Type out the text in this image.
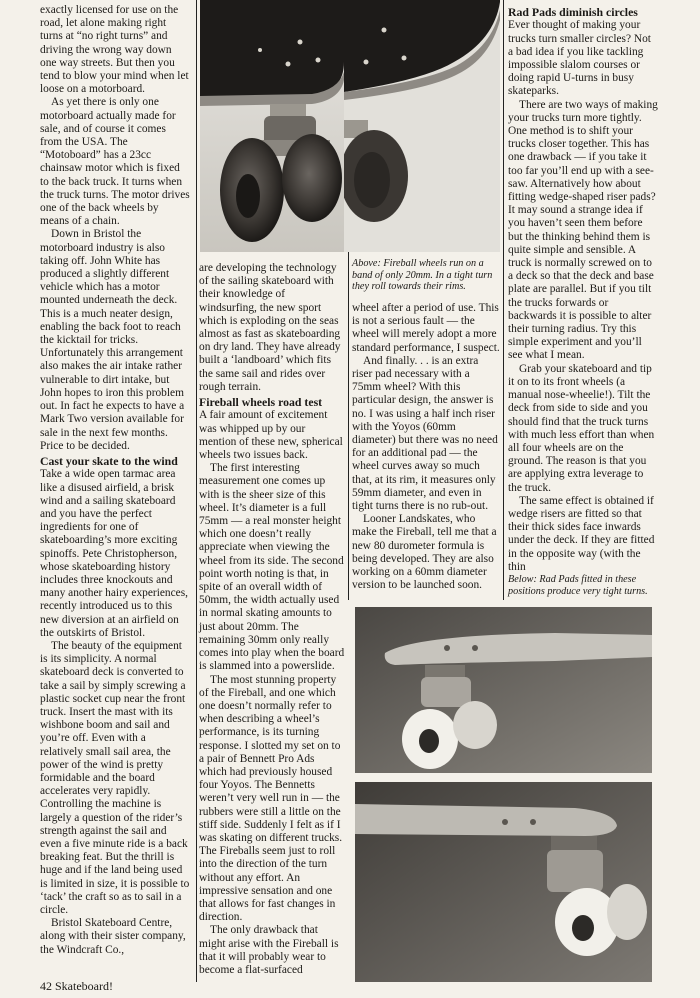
exactly licensed for use on the road, let alone making right turns at “no right turns” and driving the wrong way down one way streets. But then you tend to blow your mind when let loose on a motorboard.

As yet there is only one motorboard actually made for sale, and of course it comes from the USA. The “Motoboard” has a 23cc chainsaw motor which is fixed to the back truck. It turns when the truck turns. The motor drives one of the back wheels by means of a chain.

Down in Bristol the motorboard industry is also taking off. John White has produced a slightly different vehicle which has a motor mounted underneath the deck. This is a much neater design, enabling the back foot to reach the kicktail for tricks. Unfortunately this arrangement also makes the air intake rather vulnerable to dirt intake, but John hopes to iron this problem out. In fact he expects to have a Mark Two version available for sale in the next few months. Price to be decided.

Cast your skate to the wind

Take a wide open tarmac area like a disused airfield, a brisk wind and a sailing skateboard and you have the perfect ingredients for one of skateboarding’s more exciting spinoffs. Pete Christopherson, whose skateboarding history includes three knockouts and many another hairy experiences, recently introduced us to this new diversion at an airfield on the outskirts of Bristol.

The beauty of the equipment is its simplicity. A normal skateboard deck is converted to take a sail by simply screwing a plastic socket cup near the front truck. Insert the mast with its wishbone boom and sail and you’re off. Even with a relatively small sail area, the power of the wind is pretty formidable and the board accelerates very rapidly. Controlling the machine is largely a question of the rider’s strength against the sail and even a five minute ride is a back breaking feat. But the thrill is huge and if the land being used is limited in size, it is possible to ‘tack’ the craft so as to sail in a circle.

Bristol Skateboard Centre, along with their sister company, the Windcraft Co.,

Above: Fireball wheels run on a band of only 20mm. In a tight turn they roll towards their rims.

are developing the technology of the sailing skateboard with their knowledge of windsurfing, the new sport which is exploding on the seas almost as fast as skateboarding on dry land. They have already built a ‘landboard’ which fits the same sail and rides over rough terrain.

Fireball wheels road test

A fair amount of excitement was whipped up by our mention of these new, spherical wheels two issues back.

The first interesting measurement one comes up with is the sheer size of this wheel. It’s diameter is a full 75mm — a real monster height which one doesn’t really appreciate when viewing the wheel from its side. The second point worth noting is that, in spite of an overall width of 50mm, the width actually used in normal skating amounts to just about 20mm. The remaining 30mm only really comes into play when the board is slammed into a powerslide.

The most stunning property of the Fireball, and one which one doesn’t normally refer to when describing a wheel’s performance, is its turning response. I slotted my set on to a pair of Bennett Pro Ads which had previously housed four Yoyos. The Bennetts weren’t very well run in — the rubbers were still a little on the stiff side. Suddenly I felt as if I was skating on different trucks. The Fireballs seem just to roll into the direction of the turn without any effort. An impressive sensation and one that allows for fast changes in direction.

The only drawback that might arise with the Fireball is that it will probably wear to become a flat-surfaced

wheel after a period of use. This is not a serious fault — the wheel will merely adopt a more standard performance, I suspect.

And finally. . . is an extra riser pad necessary with a 75mm wheel? With this particular design, the answer is no. I was using a half inch riser with the Yoyos (60mm diameter) but there was no need for an additional pad — the wheel curves away so much that, at its rim, it measures only 59mm diameter, and even in tight turns there is no rub-out.

Looner Landskates, who make the Fireball, tell me that a new 80 durometer formula is being developed. They are also working on a 60mm diameter version to be launched soon.

Rad Pads diminish circles

Ever thought of making your trucks turn smaller circles? Not a bad idea if you like tackling impossible slalom courses or doing rapid U-turns in busy skateparks.

There are two ways of making your trucks turn more tightly. One method is to shift your trucks closer together. This has one drawback — if you take it too far you’ll end up with a see-saw. Alternatively how about fitting wedge-shaped riser pads? It may sound a strange idea if you haven’t seen them before but the thinking behind them is quite simple and sensible. A truck is normally screwed on to a deck so that the deck and base plate are parallel. But if you tilt the trucks forwards or backwards it is possible to alter their turning radius. Try this simple experiment and you’ll see what I mean.

Grab your skateboard and tip it on to its front wheels (a manual nose-wheelie!). Tilt the deck from side to side and you should find that the truck turns with much less effort than when all four wheels are on the ground. The reason is that you are applying extra leverage to the truck.

The same effect is obtained if wedge risers are fitted so that their thick sides face inwards under the deck. If they are fitted in the opposite way (with the thin

Below: Rad Pads fitted in these positions produce very tight turns.
42 Skateboard!
